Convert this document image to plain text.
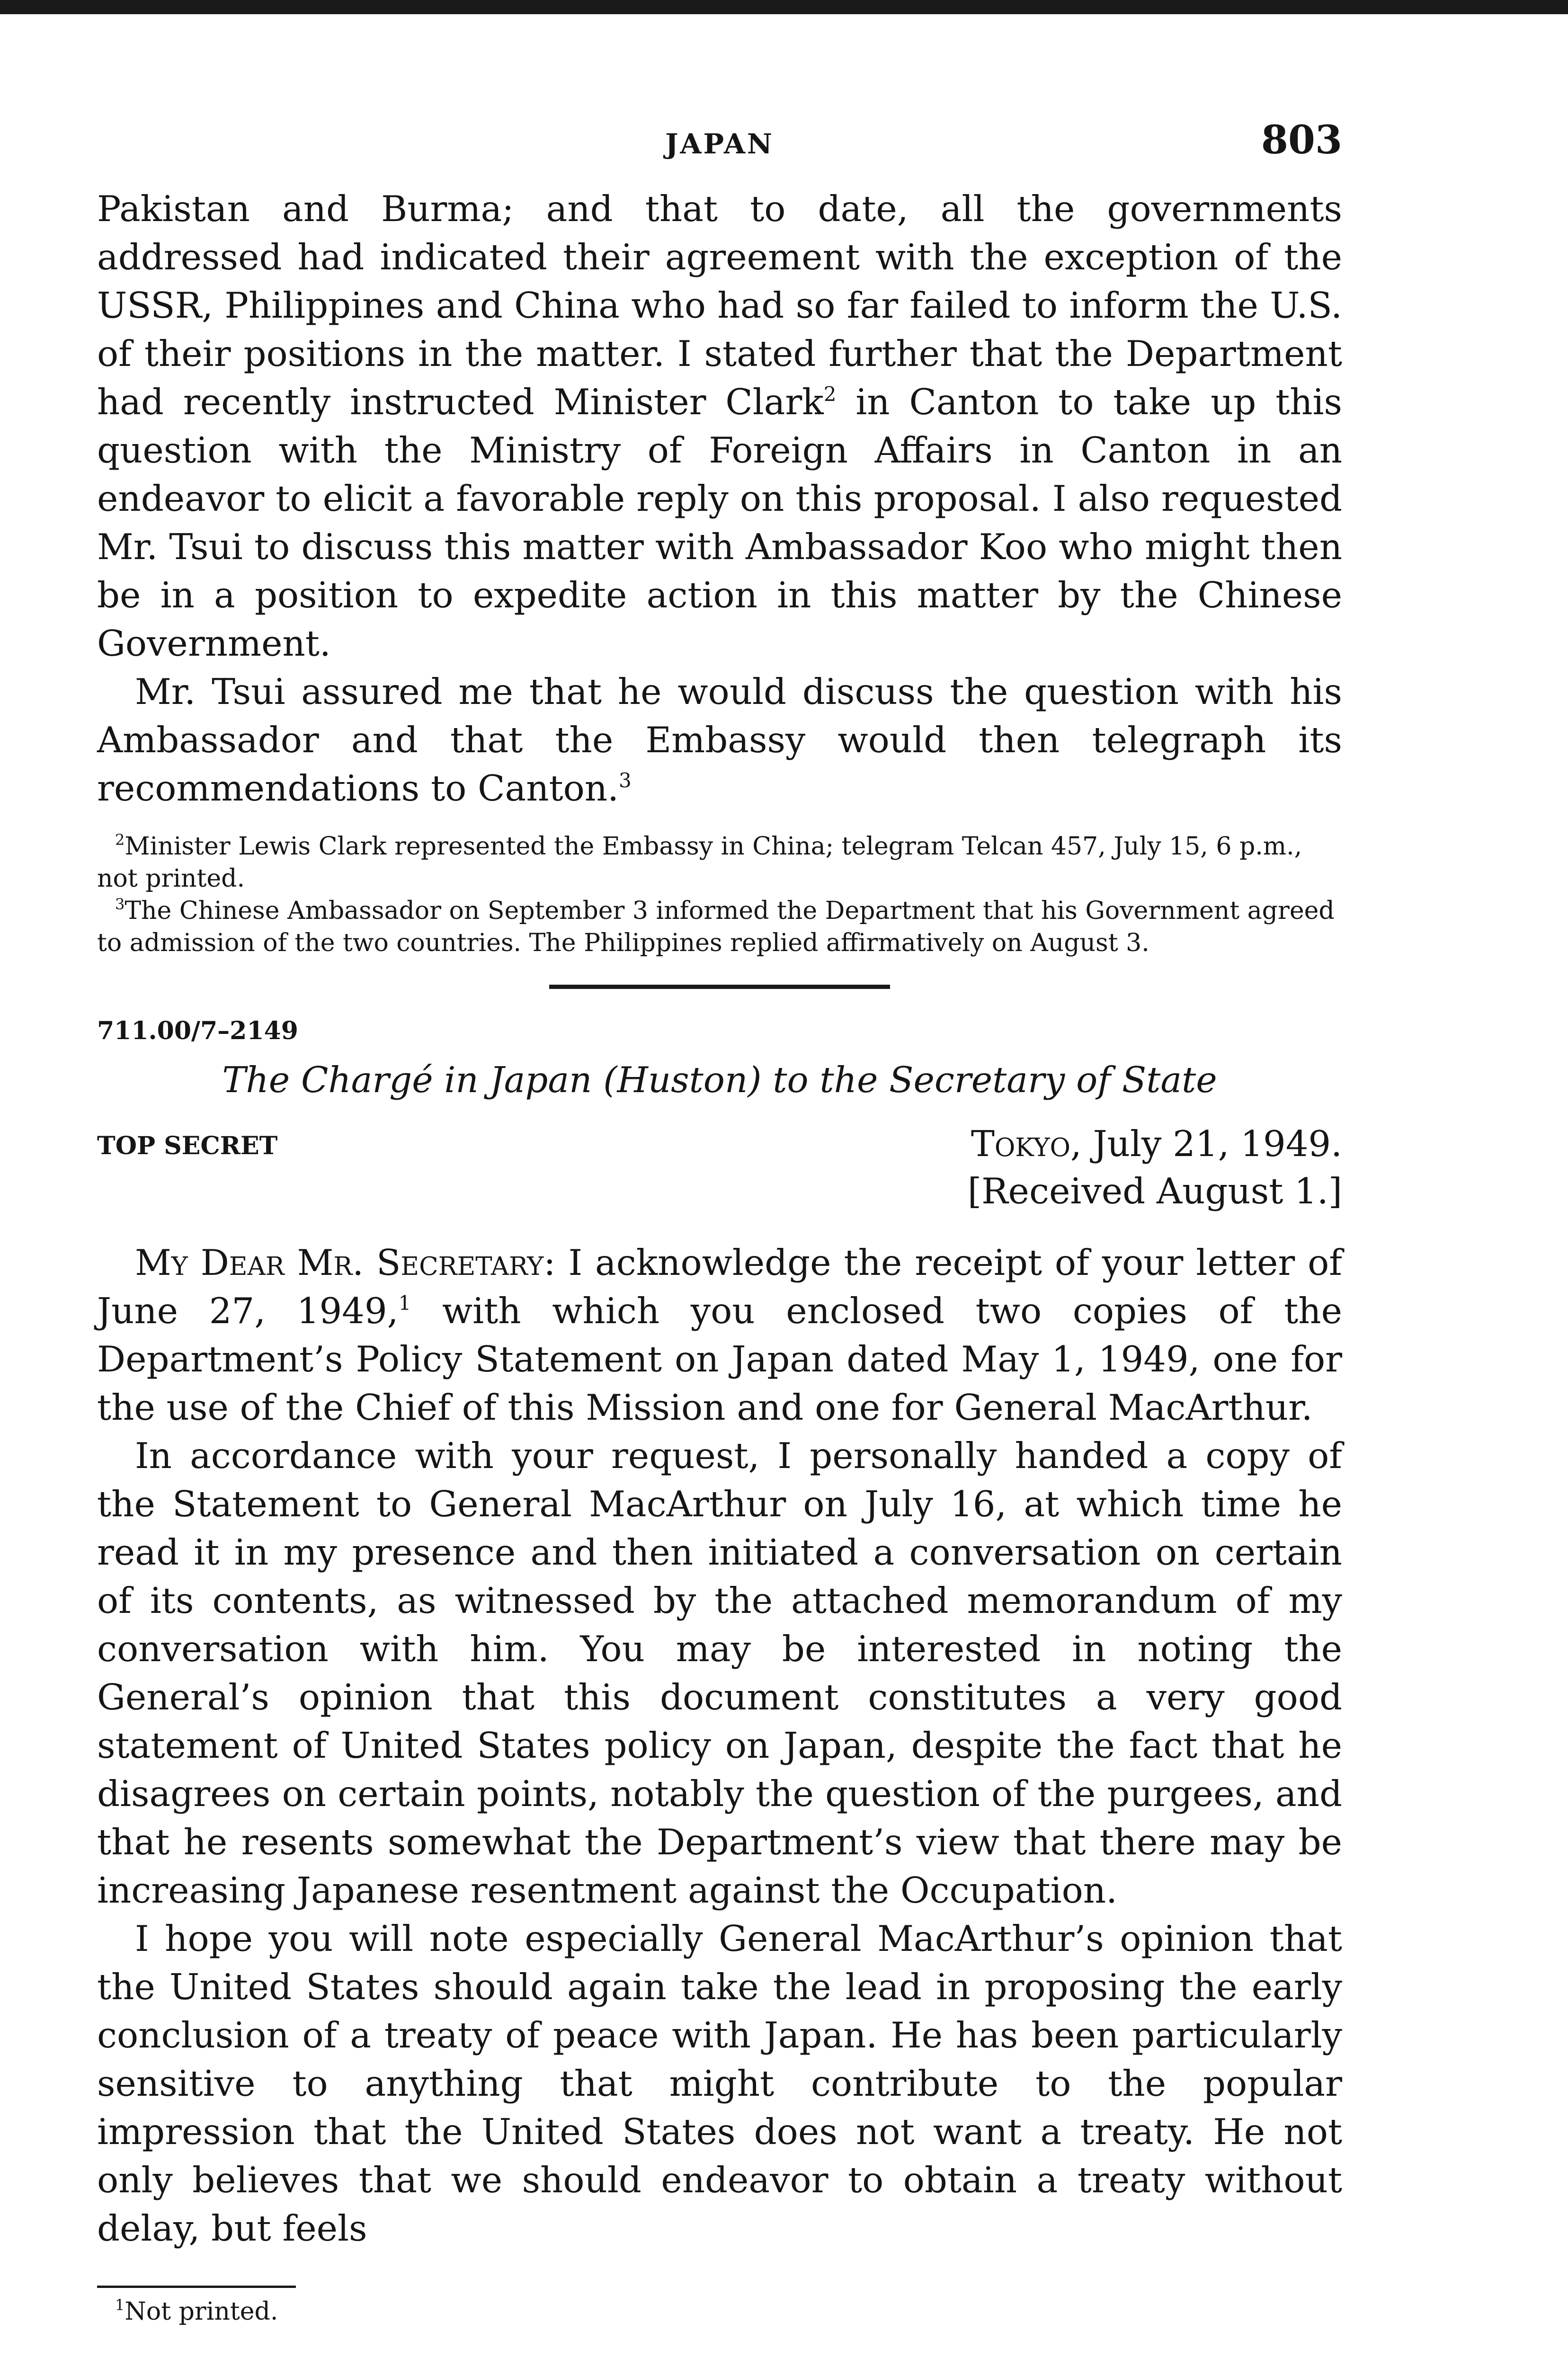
JAPAN	803

Pakistan and Burma; and that to date, all the governments addressed had indicated their agreement with the exception of the USSR, Philippines and China who had so far failed to inform the U.S. of their positions in the matter. I stated further that the Department had recently instructed Minister Clark$^2$ in Canton to take up this question with the Ministry of Foreign Affairs in Canton in an endeavor to elicit a favorable reply on this proposal. I also requested Mr. Tsui to discuss this matter with Ambassador Koo who might then be in a position to expedite action in this matter by the Chinese Government.

Mr. Tsui assured me that he would discuss the question with his Ambassador and that the Embassy would then telegraph its recommendations to Canton.$^3$

$^2$Minister Lewis Clark represented the Embassy in China; telegram Telcan 457, July 15, 6 p.m., not printed.

$^3$The Chinese Ambassador on September 3 informed the Department that his Government agreed to admission of the two countries. The Philippines replied affirmatively on August 3.

711.00/7–2149

The Chargé in Japan (Huston) to the Secretary of State

TOP SECRET	Tokyo, July 21, 1949.
[Received August 1.]

My Dear Mr. Secretary: I acknowledge the receipt of your letter of June 27, 1949,$^1$ with which you enclosed two copies of the Department’s Policy Statement on Japan dated May 1, 1949, one for the use of the Chief of this Mission and one for General MacArthur.

In accordance with your request, I personally handed a copy of the Statement to General MacArthur on July 16, at which time he read it in my presence and then initiated a conversation on certain of its contents, as witnessed by the attached memorandum of my conversation with him. You may be interested in noting the General’s opinion that this document constitutes a very good statement of United States policy on Japan, despite the fact that he disagrees on certain points, notably the question of the purgees, and that he resents somewhat the Department’s view that there may be increasing Japanese resentment against the Occupation.

I hope you will note especially General MacArthur’s opinion that the United States should again take the lead in proposing the early conclusion of a treaty of peace with Japan. He has been particularly sensitive to anything that might contribute to the popular impression that the United States does not want a treaty. He not only believes that we should endeavor to obtain a treaty without delay, but feels

$^1$Not printed.
